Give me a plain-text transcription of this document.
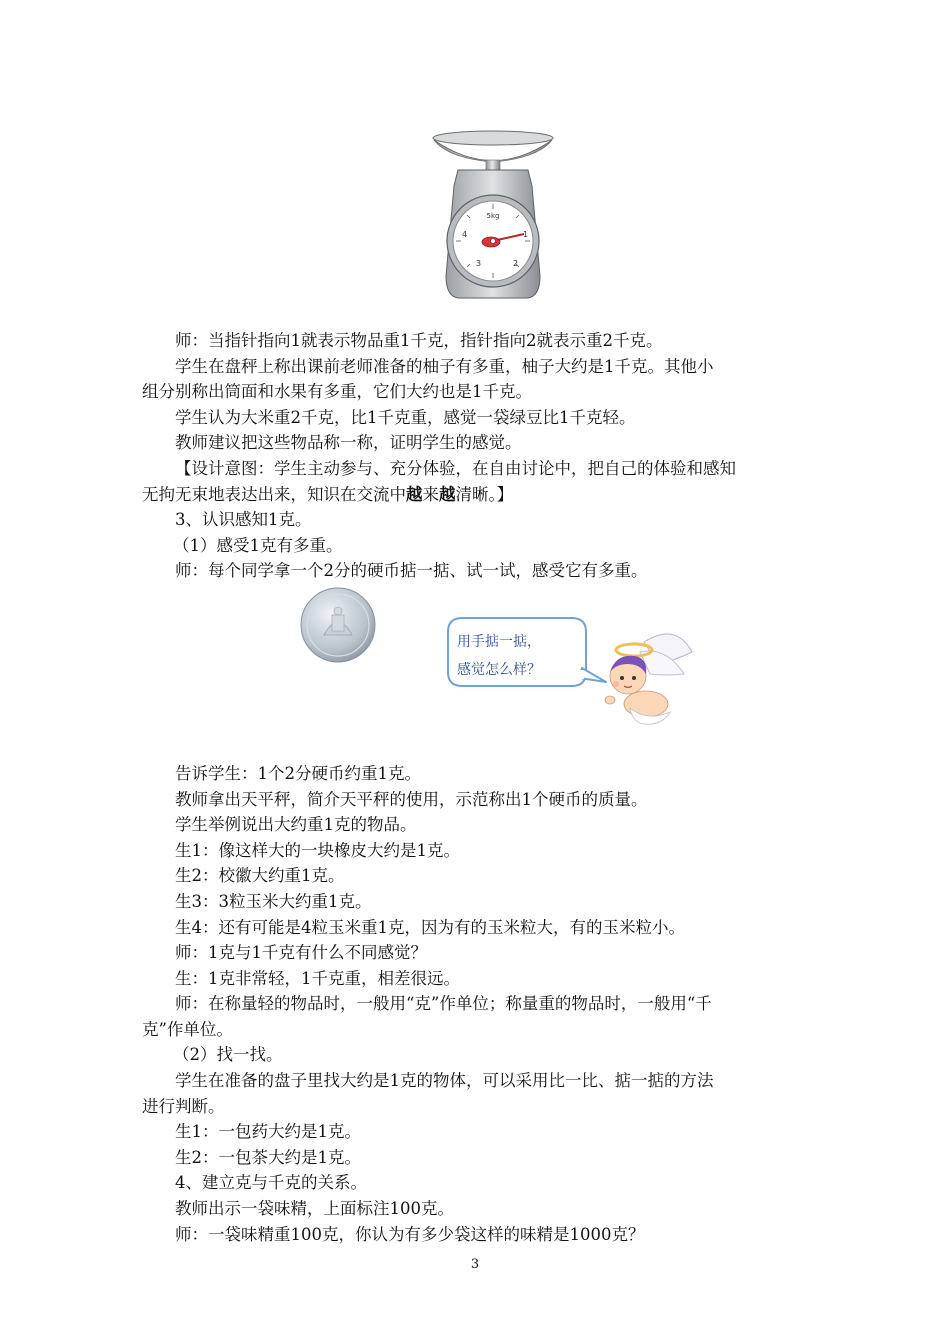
5kg
1
2
3
4
师：当指针指向1就表示物品重1千克，指针指向2就表示重2千克。
学生在盘秤上称出课前老师准备的柚子有多重，柚子大约是1千克。其他小
组分别称出筒面和水果有多重，它们大约也是1千克。
学生认为大米重2千克，比1千克重，感觉一袋绿豆比1千克轻。
教师建议把这些物品称一称，证明学生的感觉。
【设计意图：学生主动参与、充分体验，在自由讨论中，把自己的体验和感知
无拘无束地表达出来，知识在交流中越来越清晰。】
3、认识感知1克。
（1）感受1克有多重。
师：每个同学拿一个2分的硬币掂一掂、试一试，感受它有多重。
告诉学生：1个2分硬币约重1克。
教师拿出天平秤，简介天平秤的使用，示范称出1个硬币的质量。
学生举例说出大约重1克的物品。
生1：像这样大的一块橡皮大约是1克。
生2：校徽大约重1克。
生3：3粒玉米大约重1克。
生4：还有可能是4粒玉米重1克，因为有的玉米粒大，有的玉米粒小。
师：1克与1千克有什么不同感觉？
生：1克非常轻，1千克重，相差很远。
师：在称量轻的物品时，一般用“克”作单位；称量重的物品时，一般用“千
克”作单位。
（2）找一找。
学生在准备的盘子里找大约是1克的物体，可以采用比一比、掂一掂的方法
进行判断。
生1：一包药大约是1克。
生2：一包茶大约是1克。
4、建立克与千克的关系。
教师出示一袋味精，上面标注100克。
师：一袋味精重100克，你认为有多少袋这样的味精是1000克？
用手掂一掂，
感觉怎么样？
3
